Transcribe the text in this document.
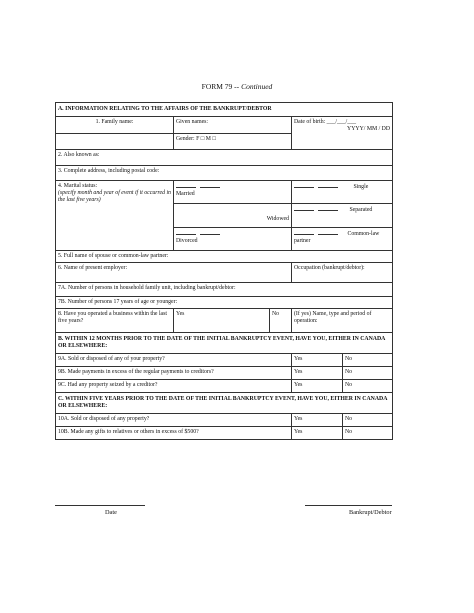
FORM 79 -- Continued
A. INFORMATION RELATING TO THE AFFAIRS OF THE BANKRUPT/DEBTOR				
1. Family name:	Given names:		Date of birth: ___/___/___
YYYY/ MM / DD	

	Gender: F □ M □			
2. Also known as:				
3. Complete address, including postal code:				

4. Marital status:
(specify month and year of event if it occurred in the last five years)	Married		Single	

	Widowed		Separated	

	Divorced		Common-law
partner	

5. Full name of spouse or common-law partner:				
6. Name of present employer:			Occupation (bankrupt/debtor):	
7A. Number of persons in household family unit, including bankrupt/debtor:				
7B. Number of persons 17 years of age or younger:				
8. Have you operated a business within the last five years?	Yes	No	(If yes) Name, type and period of operation:	
B. WITHIN 12 MONTHS PRIOR TO THE DATE OF THE INITIAL BANKRUPTCY EVENT, HAVE YOU, EITHER IN CANADA OR ELSEWHERE:				
9A. Sold or disposed of any of your property?			Yes	No
9B. Made payments in excess of the regular payments to creditors?			Yes	No
9C. Had any property seized by a creditor?			Yes	No
C. WITHIN FIVE YEARS PRIOR TO THE DATE OF THE INITIAL BANKRUPTCY EVENT, HAVE YOU, EITHER IN CANADA OR ELSEWHERE:				
10A. Sold or disposed of any property?			Yes	No
10B. Made any gifts to relatives or others in excess of $500?			Yes	No
Date	Bankrupt/Debtor
